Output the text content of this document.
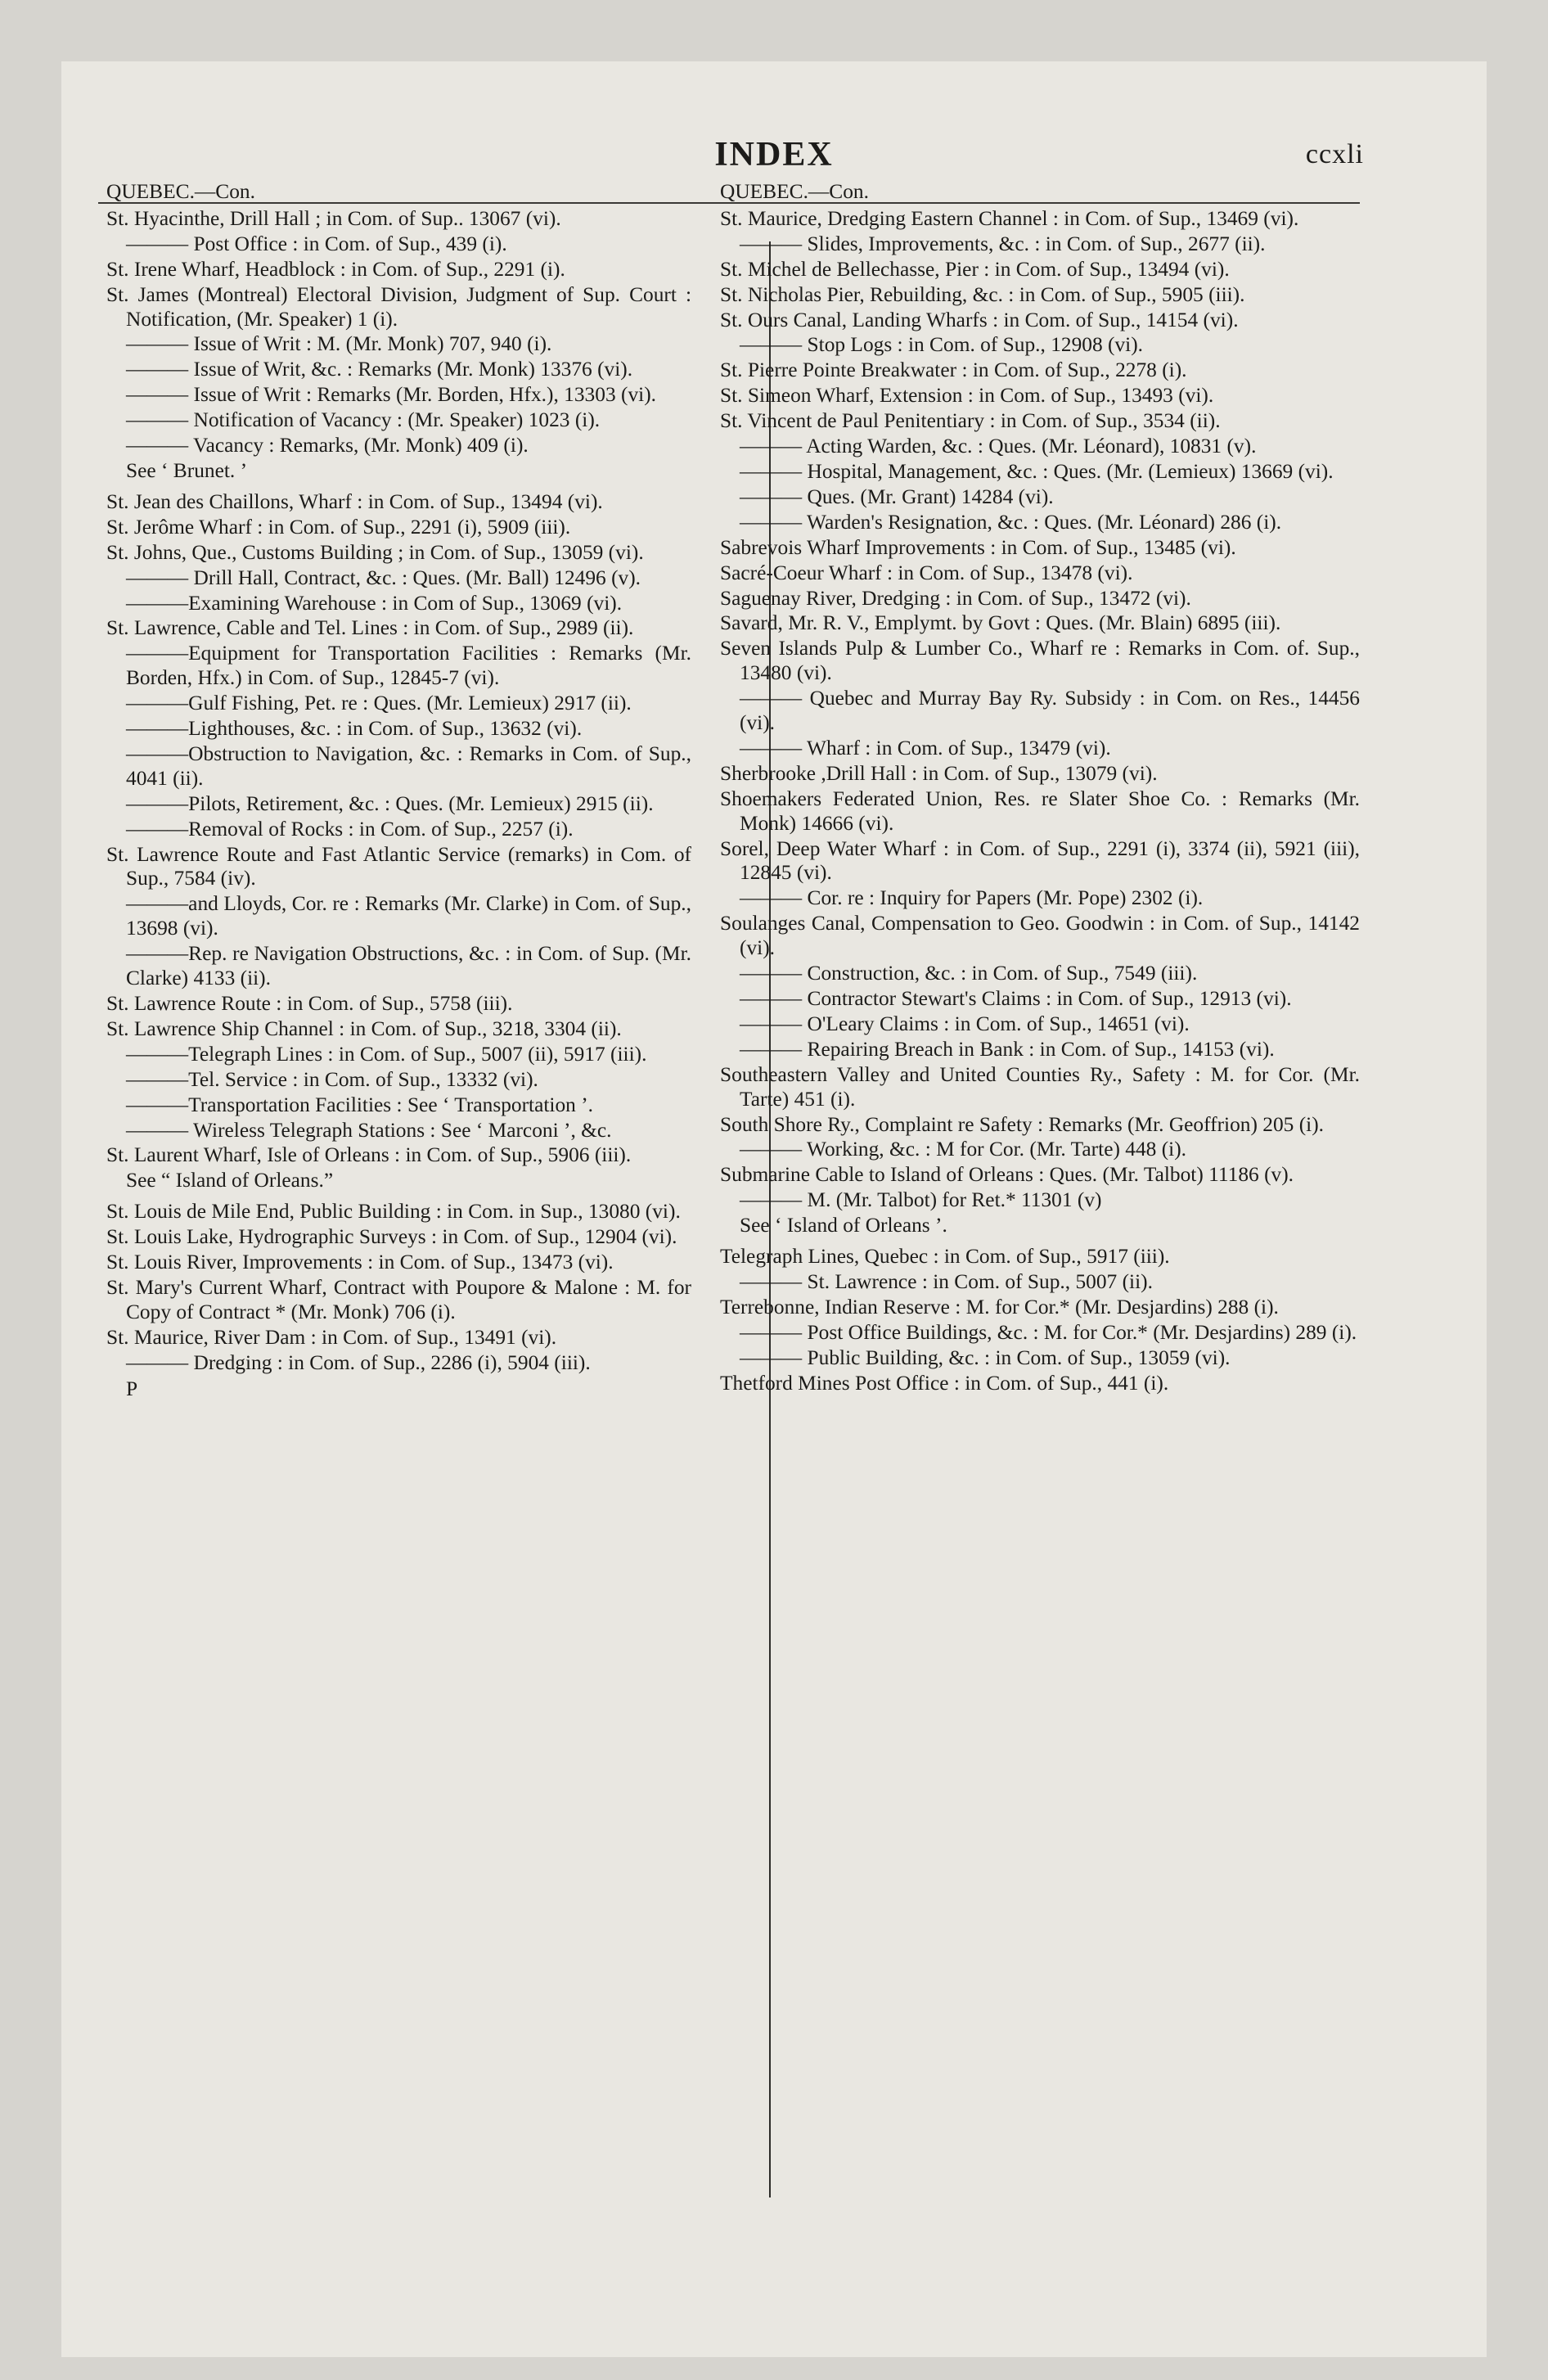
INDEX	ccxli
QUEBEC.—Con.
St. Hyacinthe, Drill Hall ; in Com. of Sup.. 13067 (vi).
——— Post Office : in Com. of Sup., 439 (i).
St. Irene Wharf, Headblock : in Com. of Sup., 2291 (i).
St. James (Montreal) Electoral Division, Judgment of Sup. Court : Notification, (Mr. Speaker) 1 (i).
——— Issue of Writ : M. (Mr. Monk) 707, 940 (i).
——— Issue of Writ, &c. : Remarks (Mr. Monk) 13376 (vi).
——— Issue of Writ : Remarks (Mr. Borden, Hfx.), 13303 (vi).
——— Notification of Vacancy : (Mr. Speaker) 1023 (i).
——— Vacancy : Remarks, (Mr. Monk) 409 (i).
See ‘ Brunet. ’
St. Jean des Chaillons, Wharf : in Com. of Sup., 13494 (vi).
St. Jerôme Wharf : in Com. of Sup., 2291 (i), 5909 (iii).
St. Johns, Que., Customs Building ; in Com. of Sup., 13059 (vi).
——— Drill Hall, Contract, &c. : Ques. (Mr. Ball) 12496 (v).
———Examining Warehouse : in Com of Sup., 13069 (vi).
St. Lawrence, Cable and Tel. Lines : in Com. of Sup., 2989 (ii).
———Equipment for Transportation Facilities : Remarks (Mr. Borden, Hfx.) in Com. of Sup., 12845-7 (vi).
———Gulf Fishing, Pet. re : Ques. (Mr. Lemieux) 2917 (ii).
———Lighthouses, &c. : in Com. of Sup., 13632 (vi).
———Obstruction to Navigation, &c. : Remarks in Com. of Sup., 4041 (ii).
———Pilots, Retirement, &c. : Ques. (Mr. Lemieux) 2915 (ii).
———Removal of Rocks : in Com. of Sup., 2257 (i).
St. Lawrence Route and Fast Atlantic Service (remarks) in Com. of Sup., 7584 (iv).
———and Lloyds, Cor. re : Remarks (Mr. Clarke) in Com. of Sup., 13698 (vi).
———Rep. re Navigation Obstructions, &c. : in Com. of Sup. (Mr. Clarke) 4133 (ii).
St. Lawrence Route : in Com. of Sup., 5758 (iii).
St. Lawrence Ship Channel : in Com. of Sup., 3218, 3304 (ii).
———Telegraph Lines : in Com. of Sup., 5007 (ii), 5917 (iii).
———Tel. Service : in Com. of Sup., 13332 (vi).
———Transportation Facilities : See ‘ Transportation ’.
——— Wireless Telegraph Stations : See ‘ Marconi ’, &c.
St. Laurent Wharf, Isle of Orleans : in Com. of Sup., 5906 (iii).
See “ Island of Orleans.”
St. Louis de Mile End, Public Building : in Com. in Sup., 13080 (vi).
St. Louis Lake, Hydrographic Surveys : in Com. of Sup., 12904 (vi).
St. Louis River, Improvements : in Com. of Sup., 13473 (vi).
St. Mary's Current Wharf, Contract with Poupore & Malone : M. for Copy of Contract * (Mr. Monk) 706 (i).
St. Maurice, River Dam : in Com. of Sup., 13491 (vi).
——— Dredging : in Com. of Sup., 2286 (i), 5904 (iii).
P
QUEBEC.—Con.
St. Maurice, Dredging Eastern Channel : in Com. of Sup., 13469 (vi).
——— Slides, Improvements, &c. : in Com. of Sup., 2677 (ii).
St. Michel de Bellechasse, Pier : in Com. of Sup., 13494 (vi).
St. Nicholas Pier, Rebuilding, &c. : in Com. of Sup., 5905 (iii).
St. Ours Canal, Landing Wharfs : in Com. of Sup., 14154 (vi).
——— Stop Logs : in Com. of Sup., 12908 (vi).
St. Pierre Pointe Breakwater : in Com. of Sup., 2278 (i).
St. Simeon Wharf, Extension : in Com. of Sup., 13493 (vi).
St. Vincent de Paul Penitentiary : in Com. of Sup., 3534 (ii).
——— Acting Warden, &c. : Ques. (Mr. Léonard), 10831 (v).
——— Hospital, Management, &c. : Ques. (Mr. (Lemieux) 13669 (vi).
——— Ques. (Mr. Grant) 14284 (vi).
——— Warden's Resignation, &c. : Ques. (Mr. Léonard) 286 (i).
Sabrevois Wharf Improvements : in Com. of Sup., 13485 (vi).
Sacré-Coeur Wharf : in Com. of Sup., 13478 (vi).
Saguenay River, Dredging : in Com. of Sup., 13472 (vi).
Savard, Mr. R. V., Emplymt. by Govt : Ques. (Mr. Blain) 6895 (iii).
Seven Islands Pulp & Lumber Co., Wharf re : Remarks in Com. of. Sup., 13480 (vi).
——— Quebec and Murray Bay Ry. Subsidy : in Com. on Res., 14456 (vi).
——— Wharf : in Com. of Sup., 13479 (vi).
Sherbrooke ,Drill Hall : in Com. of Sup., 13079 (vi).
Shoemakers Federated Union, Res. re Slater Shoe Co. : Remarks (Mr. Monk) 14666 (vi).
Sorel, Deep Water Wharf : in Com. of Sup., 2291 (i), 3374 (ii), 5921 (iii), 12845 (vi).
——— Cor. re : Inquiry for Papers (Mr. Pope) 2302 (i).
Soulanges Canal, Compensation to Geo. Goodwin : in Com. of Sup., 14142 (vi).
——— Construction, &c. : in Com. of Sup., 7549 (iii).
——— Contractor Stewart's Claims : in Com. of Sup., 12913 (vi).
——— O'Leary Claims : in Com. of Sup., 14651 (vi).
——— Repairing Breach in Bank : in Com. of Sup., 14153 (vi).
Southeastern Valley and United Counties Ry., Safety : M. for Cor. (Mr. Tarte) 451 (i).
South Shore Ry., Complaint re Safety : Remarks (Mr. Geoffrion) 205 (i).
——— Working, &c. : M for Cor. (Mr. Tarte) 448 (i).
Submarine Cable to Island of Orleans : Ques. (Mr. Talbot) 11186 (v).
——— M. (Mr. Talbot) for Ret.* 11301 (v)
See ‘ Island of Orleans ’.
Telegraph Lines, Quebec : in Com. of Sup., 5917 (iii).
——— St. Lawrence : in Com. of Sup., 5007 (ii).
Terrebonne, Indian Reserve : M. for Cor.* (Mr. Desjardins) 288 (i).
——— Post Office Buildings, &c. : M. for Cor.* (Mr. Desjardins) 289 (i).
——— Public Building, &c. : in Com. of Sup., 13059 (vi).
Thetford Mines Post Office : in Com. of Sup., 441 (i).
